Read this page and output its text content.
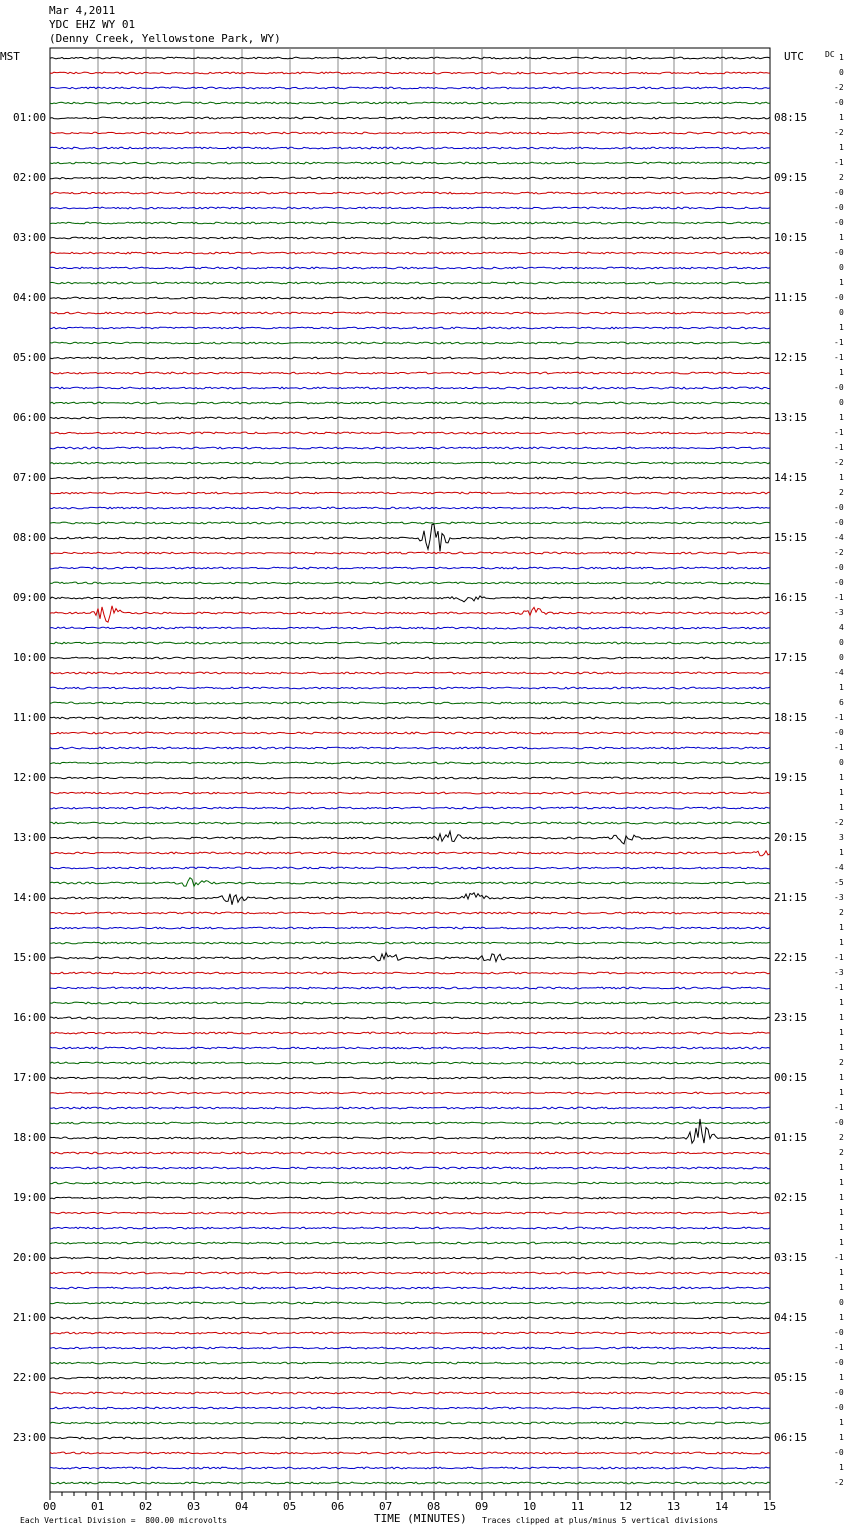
Mar 4,2011
YDC EHZ WY 01
(Denny Creek, Yellowstone Park, WY)
MST	UTC	DC 1
0
-2
-0
1
-2
1
-1
2
-0
-0
-0
1
-0
0
1
-0
0
1
-1
-1
1
-0
0
1
-1
-1
-2
1
2
-0
-0
-4
-2
-0
-0
-1
-3
4
0
0
-4
1
6
-1
-0
-1
0
1
1
1
-2
3
1
-4
-5
-3
2
1
1
-1
-3
-1
1
1
1
1
2
1
1
-1
-0
2
2
1
1
1
1
1
1
-1
1
1
0
1
-0
-1
-0
1
-0
-0
1
1
-0
1
-2
01:00
02:00
03:00
04:00
05:00
06:00
07:00
08:00
09:00
10:00
11:00
12:00
13:00
14:00
15:00
16:00
17:00
18:00
19:00
20:00
21:00
22:00
23:00
08:15
09:15
10:15
11:15
12:15
13:15
14:15
15:15
16:15
17:15
18:15
19:15
20:15
21:15
22:15
23:15
00:15
01:15
02:15
03:15
04:15
05:15
06:15
00	01	02	03	04	05	06	07	08	09	10	11	12	13	14	15
TIME (MINUTES)
Each Vertical Division =  800.00 microvolts	Traces clipped at plus/minus 5 vertical divisions
